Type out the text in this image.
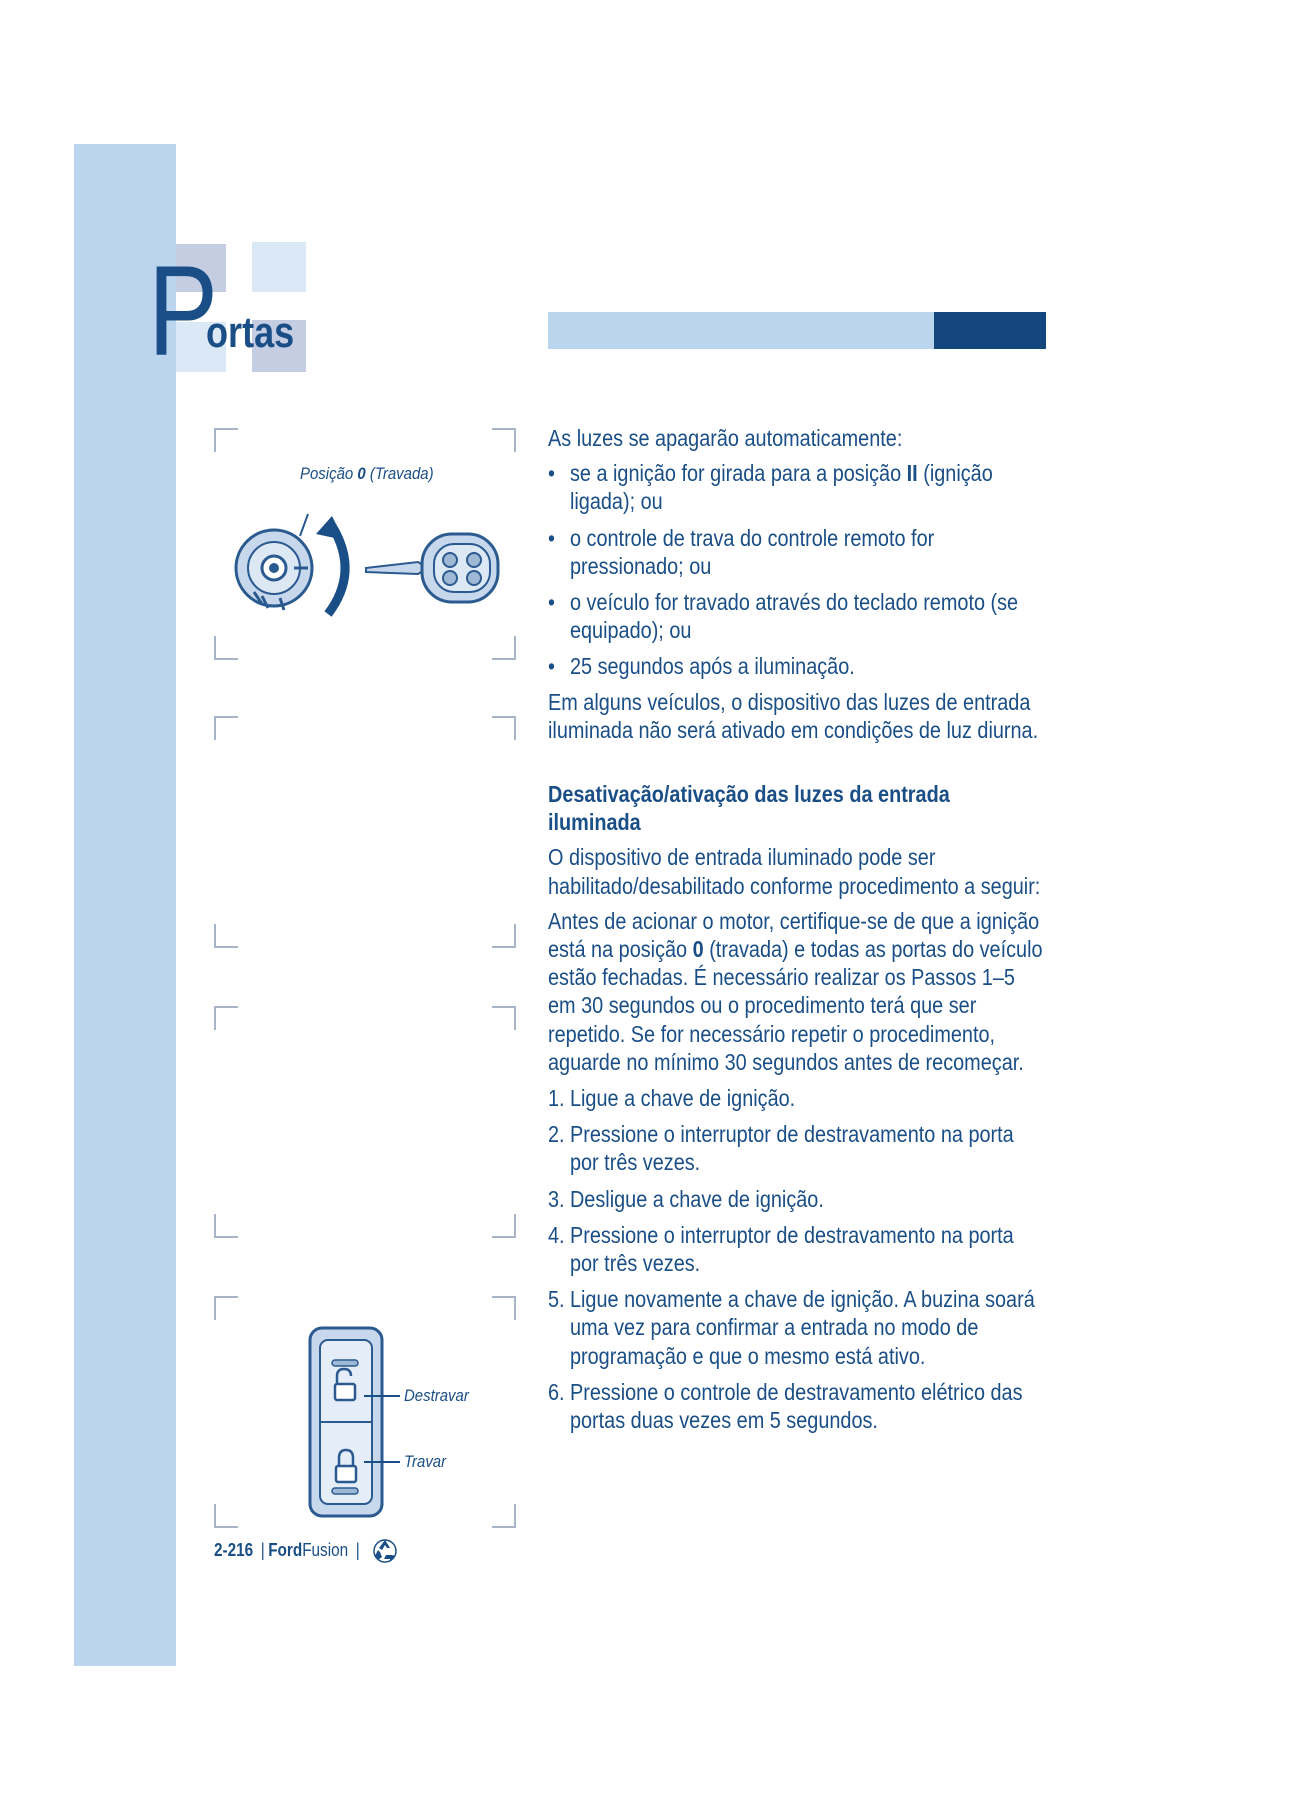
P
ortas
Posição 0 (Travada)
Destravar
Travar

As luzes se apagarão automaticamente:

• se a ignição for girada para a posição II (ignição ligada); ou
• o controle de trava do controle remoto for pressionado; ou
• o veículo for travado através do teclado remoto (se equipado); ou
• 25 segundos após a iluminação.

Em alguns veículos, o dispositivo das luzes de entrada iluminada não será ativado em condições de luz diurna.

Desativação/ativação das luzes da entrada iluminada

O dispositivo de entrada iluminado pode ser habilitado/desabilitado conforme procedimento a seguir:

Antes de acionar o motor, certifique-se de que a ignição está na posição 0 (travada) e todas as portas do veículo estão fechadas. É necessário realizar os Passos 1–5 em 30 segundos ou o procedimento terá que ser repetido. Se for necessário repetir o procedimento, aguarde no mínimo 30 segundos antes de recomeçar.

1. Ligue a chave de ignição.
2. Pressione o interruptor de destravamento na porta por três vezes.
3. Desligue a chave de ignição.
4. Pressione o interruptor de destravamento na porta por três vezes.
5. Ligue novamente a chave de ignição. A buzina soará uma vez para confirmar a entrada no modo de programação e que o mesmo está ativo.
6. Pressione o controle de destravamento elétrico das portas duas vezes em 5 segundos.
2-216 | FordFusion |
